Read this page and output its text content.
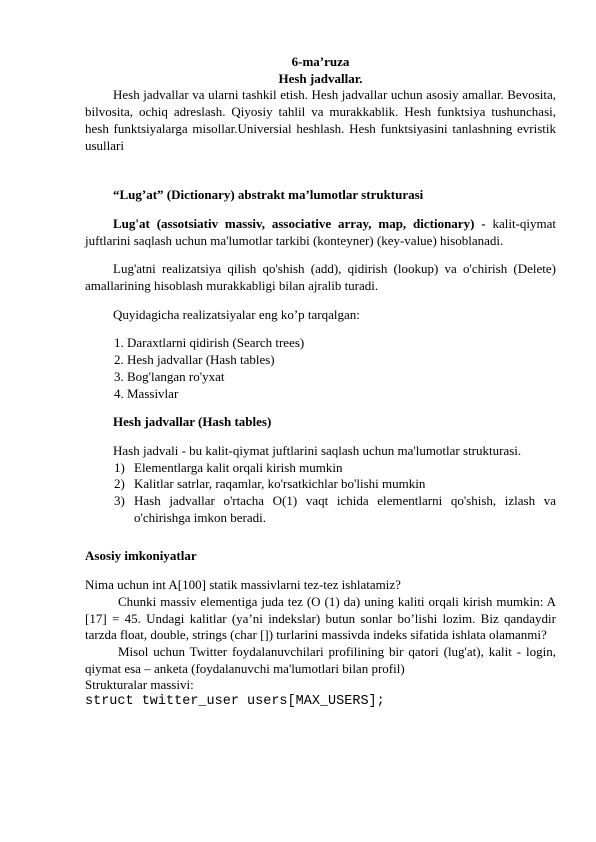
6-ma’ruza
Hesh jadvallar.

Hesh jadvallar va ularni tashkil etish. Hesh jadvallar uchun asosiy amallar. Bevosita, bilvosita, ochiq adreslash. Qiyosiy tahlil va murakkablik. Hesh funktsiya tushunchasi, hesh funktsiyalarga misollar.Universial heshlash. Hesh funktsiyasini tanlashning evristik usullari

“Lug’at” (Dictionary) abstrakt ma’lumotlar strukturasi

Lug'at (assotsiativ massiv, associative array, map, dictionary) - kalit-qiymat juftlarini saqlash uchun ma'lumotlar tarkibi (konteyner) (key-value) hisoblanadi.

Lug'atni realizatsiya qilish qo'shish (add), qidirish (lookup) va o'chirish (Delete) amallarining hisoblash murakkabligi bilan ajralib turadi.

Quyidagicha realizatsiyalar eng ko’p tarqalgan:

1. Daraxtlarni qidirish (Search trees)
2. Hesh jadvallar (Hash tables)
3. Bog'langan ro'yxat
4. Massivlar

Hesh jadvallar (Hash tables)

Hash jadvali - bu kalit-qiymat juftlarini saqlash uchun ma'lumotlar strukturasi.

1) Elementlarga kalit orqali kirish mumkin
2) Kalitlar satrlar, raqamlar, ko'rsatkichlar bo'lishi mumkin
3) Hash jadvallar o'rtacha O(1) vaqt ichida elementlarni qo'shish, izlash va o'chirishga imkon beradi.

Asosiy imkoniyatlar

Nima uchun int A[100] statik massivlarni tez-tez ishlatamiz?

Chunki massiv elementiga juda tez (O (1) da) uning kaliti orqali kirish mumkin: A [17] = 45. Undagi kalitlar (ya’ni indekslar) butun sonlar bo’lishi lozim. Biz qandaydir tarzda float, double, strings (char []) turlarini massivda indeks sifatida ishlata olamanmi?

Misol uchun Twitter foydalanuvchilari profilining bir qatori (lug'at), kalit - login, qiymat esa – anketa (foydalanuvchi ma'lumotlari bilan profil)

Strukturalar massivi:

struct twitter_user users[MAX_USERS];
